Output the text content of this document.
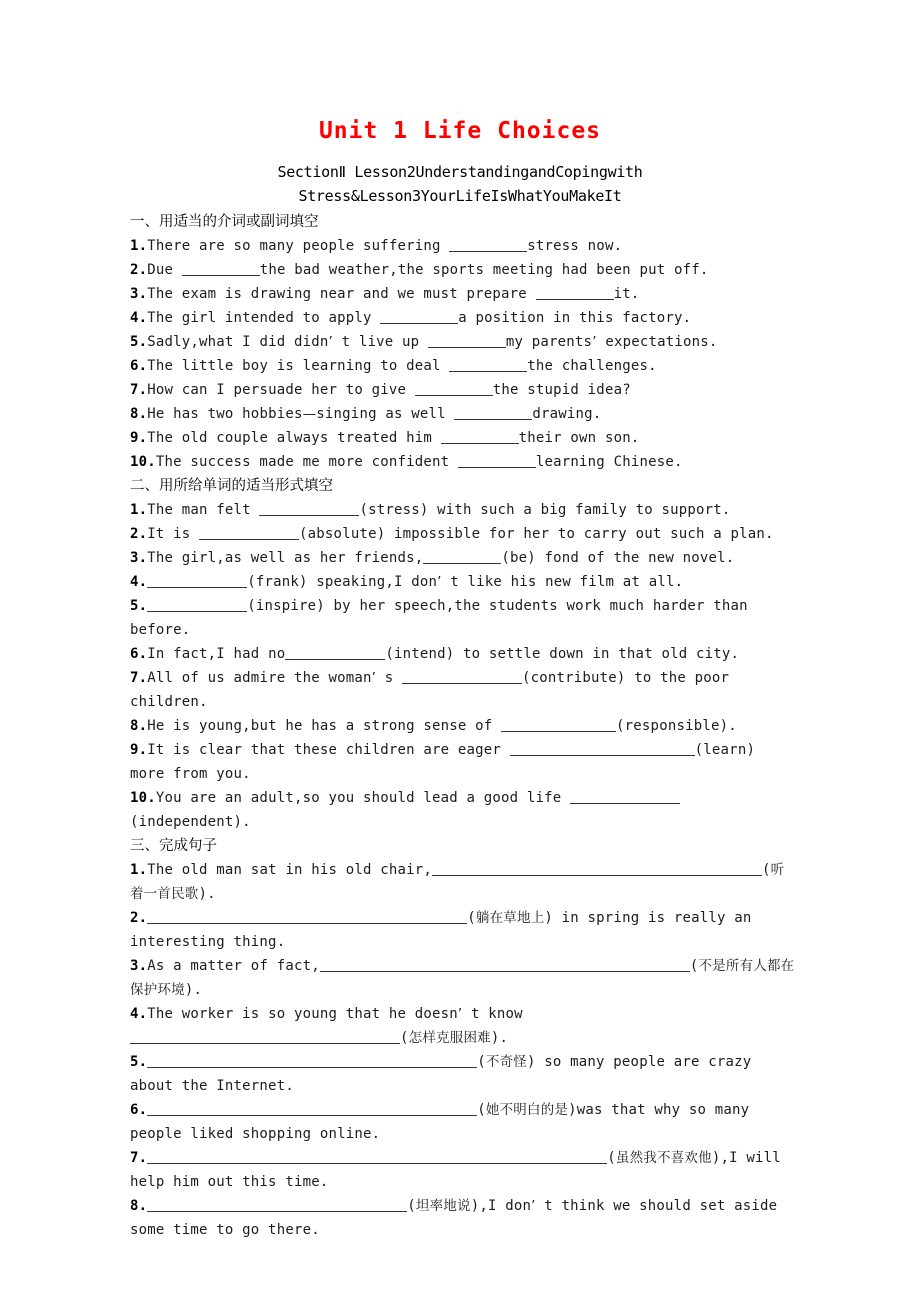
Unit 1 Life Choices
SectionⅡ Lesson2UnderstandingandCopingwith
Stress&Lesson3YourLifeIsWhatYouMakeIt
一、用适当的介词或副词填空
1.There are so many people suffering	stress now.
2.Due	the bad weather,the sports meeting had been put off.
3.The exam is drawing near and we must prepare	it.
4.The girl intended to apply	a position in this factory.
5.Sadly,what I did didn’ t live up	my parents’ expectations.
6.The little boy is learning to deal	the challenges.
7.How can I persuade her to give	the stupid idea?
8.He has two hobbies—singing as well	drawing.
9.The old couple always treated him	their own son.
10.The success made me more confident	learning Chinese.
二、用所给单词的适当形式填空
1.The man felt	(stress) with such a big family to support.
2.It is	(absolute) impossible for her to carry out such a plan.
3.The girl,as well as her friends,	(be) fond of the new novel.
4.	(frank) speaking,I don’ t like his new film at all.
5.	(inspire) by her speech,the students work much harder than before.
6.In fact,I had no	(intend) to settle down in that old city.
7.All of us admire the woman’ s	(contribute) to the poor children.
8.He is young,but he has a strong sense of	(responsible).
9.It is clear that these children are eager	(learn) more from you.
10.You are an adult,so you should lead a good life (independent).
三、完成句子
1.The old man sat in his old chair,	(听着一首民歌).
2.	(躺在草地上) in spring is really an interesting thing.
3.As a matter of fact,	(不是所有人都在保护环境).
4.The worker is so young that he doesn’ t know (怎样克服困难).
5.	(不奇怪) so many people are crazy about the Internet.
6.	(她不明白的是)was that why so many people liked shopping online.
7.	(虽然我不喜欢他),I will help him out this time.
8.	(坦率地说),I don’ t think we should set aside some time to go there.
